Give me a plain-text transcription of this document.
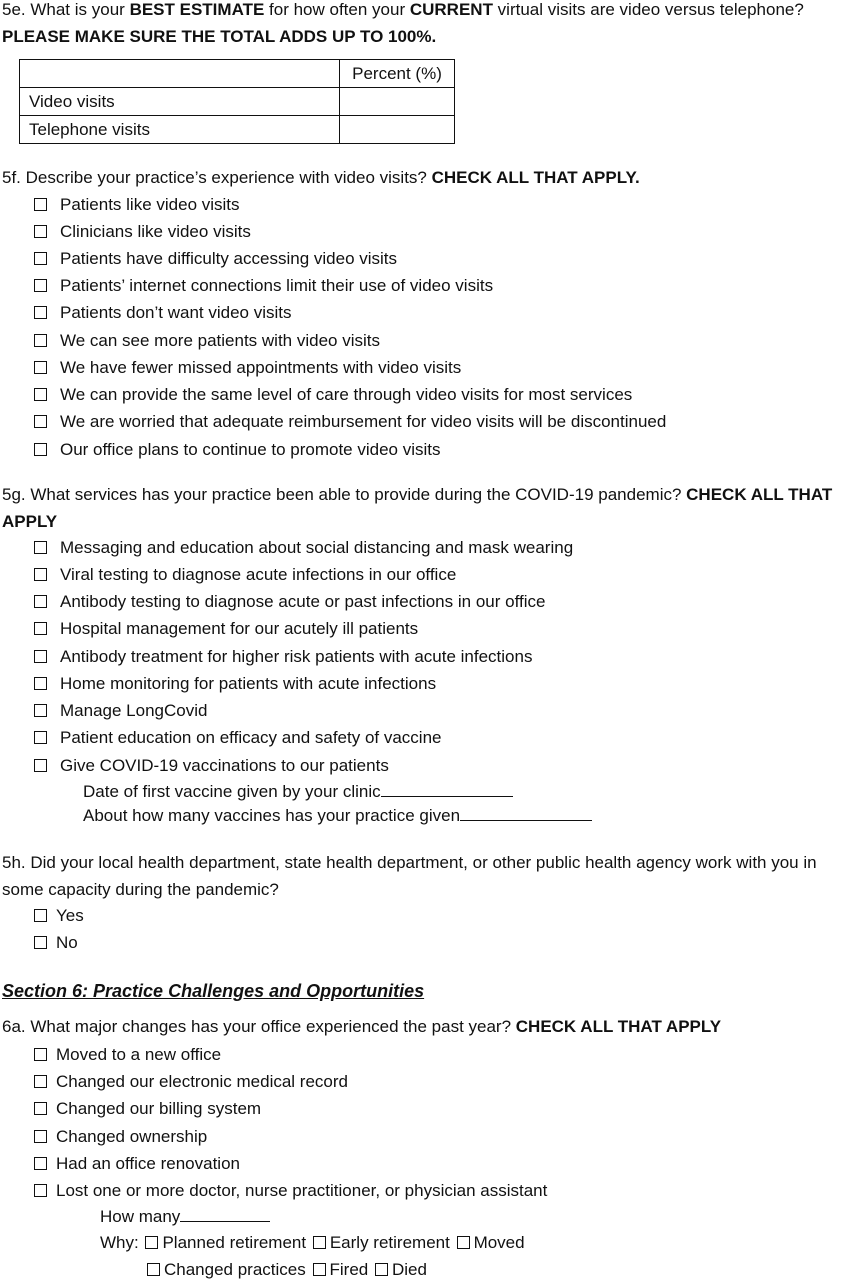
5e. What is your BEST ESTIMATE for how often your CURRENT virtual visits are video versus telephone?
PLEASE MAKE SURE THE TOTAL ADDS UP TO 100%.
	Percent (%)
Video visits	
Telephone visits	
5f. Describe your practice’s experience with video visits? CHECK ALL THAT APPLY.
Patients like video visits
Clinicians like video visits
Patients have difficulty accessing video visits
Patients’ internet connections limit their use of video visits
Patients don’t want video visits
We can see more patients with video visits
We have fewer missed appointments with video visits
We can provide the same level of care through video visits for most services
We are worried that adequate reimbursement for video visits will be discontinued
Our office plans to continue to promote video visits
5g. What services has your practice been able to provide during the COVID-19 pandemic? CHECK ALL THAT APPLY
Messaging and education about social distancing and mask wearing
Viral testing to diagnose acute infections in our office
Antibody testing to diagnose acute or past infections in our office
Hospital management for our acutely ill patients
Antibody treatment for higher risk patients with acute infections
Home monitoring for patients with acute infections
Manage LongCovid
Patient education on efficacy and safety of vaccine
Give COVID-19 vaccinations to our patients
Date of first vaccine given by your clinic
About how many vaccines has your practice given
5h. Did your local health department, state health department, or other public health agency work with you in some capacity during the pandemic?
Yes
No
Section 6: Practice Challenges and Opportunities
6a. What major changes has your office experienced the past year? CHECK ALL THAT APPLY
Moved to a new office
Changed our electronic medical record
Changed our billing system
Changed ownership
Had an office renovation
Lost one or more doctor, nurse practitioner, or physician assistant
How many
Why: Planned retirement Early retirement Moved
Changed practices Fired Died
